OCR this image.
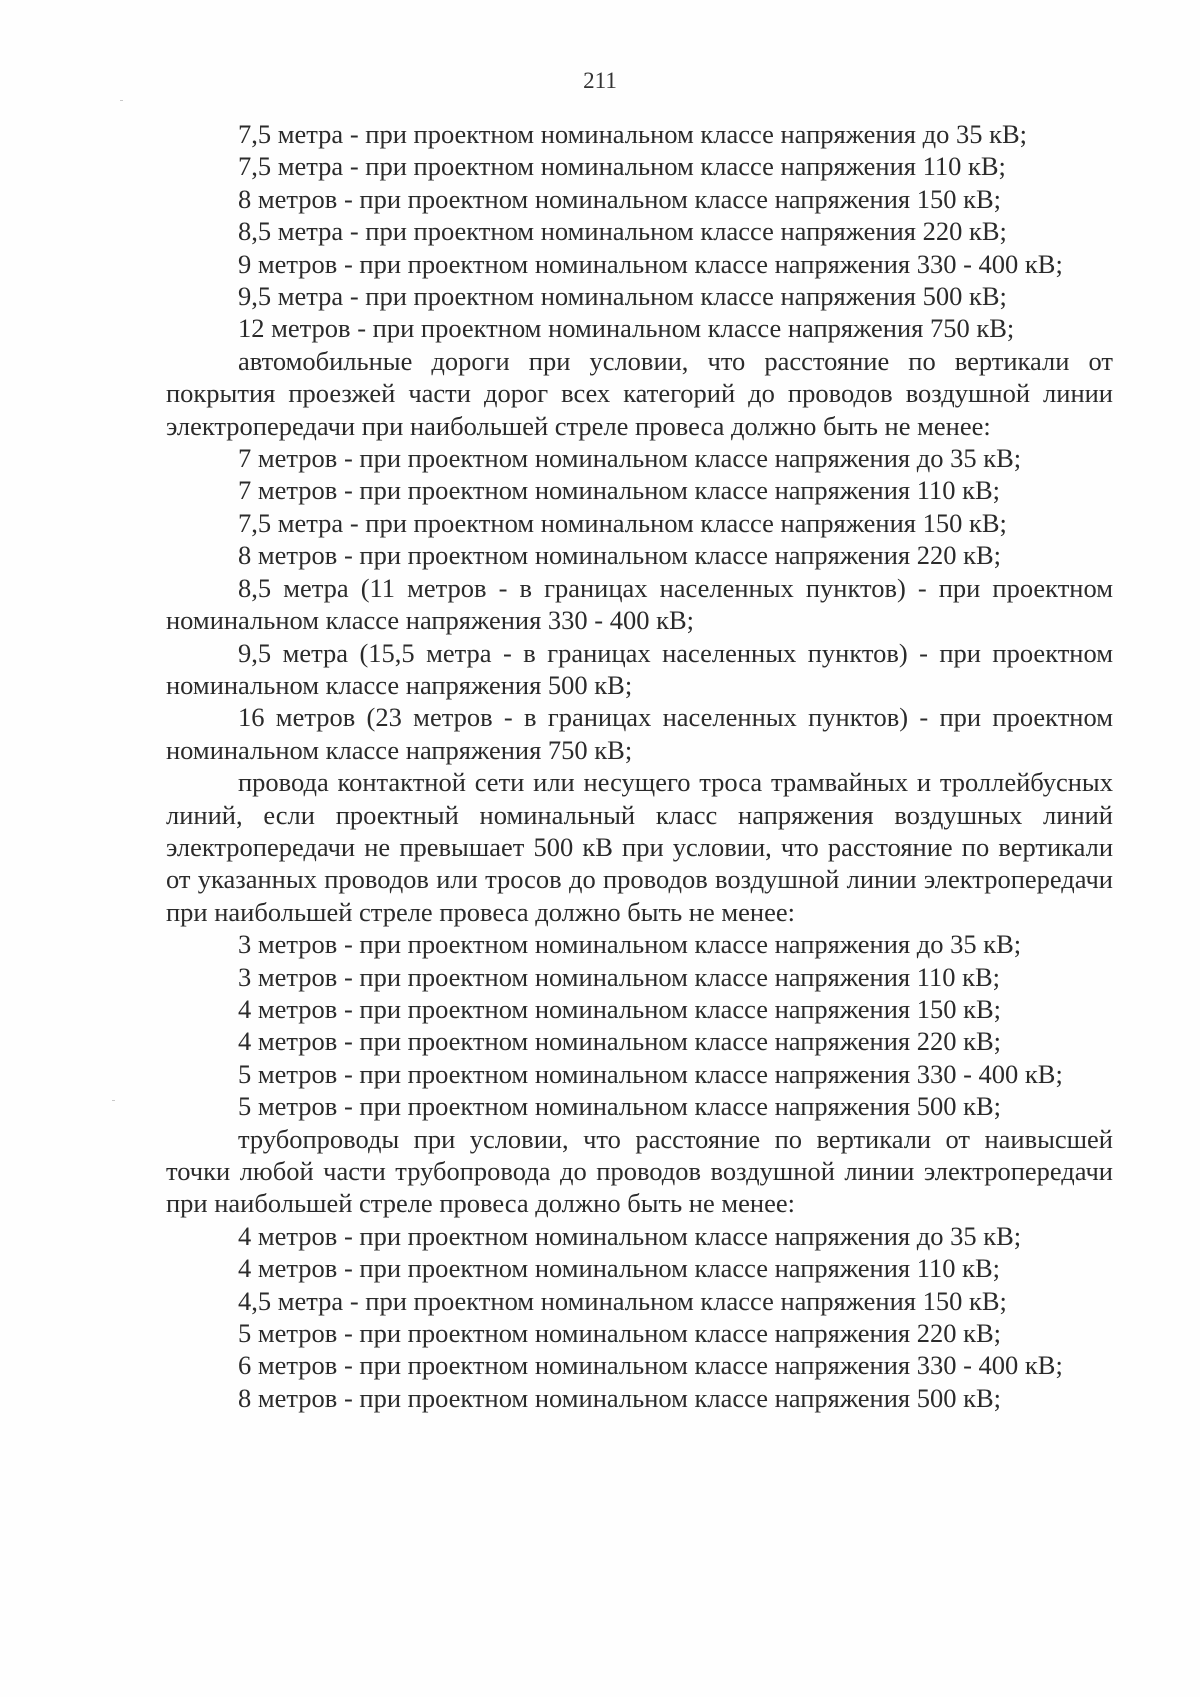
211

7,5 метра - при проектном номинальном классе напряжения до 35 кВ;

7,5 метра - при проектном номинальном классе напряжения 110 кВ;

8 метров - при проектном номинальном классе напряжения 150 кВ;

8,5 метра - при проектном номинальном классе напряжения 220 кВ;

9 метров - при проектном номинальном классе напряжения 330 - 400 кВ;

9,5 метра - при проектном номинальном классе напряжения 500 кВ;

12 метров - при проектном номинальном классе напряжения 750 кВ;

автомобильные дороги при условии, что расстояние по вертикали от покрытия проезжей части дорог всех категорий до проводов воздушной линии электропередачи при наибольшей стреле провеса должно быть не менее:

7 метров - при проектном номинальном классе напряжения до 35 кВ;

7 метров - при проектном номинальном классе напряжения 110 кВ;

7,5 метра - при проектном номинальном классе напряжения 150 кВ;

8 метров - при проектном номинальном классе напряжения 220 кВ;

8,5 метра (11 метров - в границах населенных пунктов) - при проектном номинальном классе напряжения 330 - 400 кВ;

9,5 метра (15,5 метра - в границах населенных пунктов) - при проектном номинальном классе напряжения 500 кВ;

16 метров (23 метров - в границах населенных пунктов) - при проектном номинальном классе напряжения 750 кВ;

провода контактной сети или несущего троса трамвайных и троллейбусных линий, если проектный номинальный класс напряжения воздушных линий электропередачи не превышает 500 кВ при условии, что расстояние по вертикали от указанных проводов или тросов до проводов воздушной линии электропередачи при наибольшей стреле провеса должно быть не менее:

3 метров - при проектном номинальном классе напряжения до 35 кВ;

3 метров - при проектном номинальном классе напряжения 110 кВ;

4 метров - при проектном номинальном классе напряжения 150 кВ;

4 метров - при проектном номинальном классе напряжения 220 кВ;

5 метров - при проектном номинальном классе напряжения 330 - 400 кВ;

5 метров - при проектном номинальном классе напряжения 500 кВ;

трубопроводы при условии, что расстояние по вертикали от наивысшей точки любой части трубопровода до проводов воздушной линии электропередачи при наибольшей стреле провеса должно быть не менее:

4 метров - при проектном номинальном классе напряжения до 35 кВ;

4 метров - при проектном номинальном классе напряжения 110 кВ;

4,5 метра - при проектном номинальном классе напряжения 150 кВ;

5 метров - при проектном номинальном классе напряжения 220 кВ;

6 метров - при проектном номинальном классе напряжения 330 - 400 кВ;

8 метров - при проектном номинальном классе напряжения 500 кВ;
